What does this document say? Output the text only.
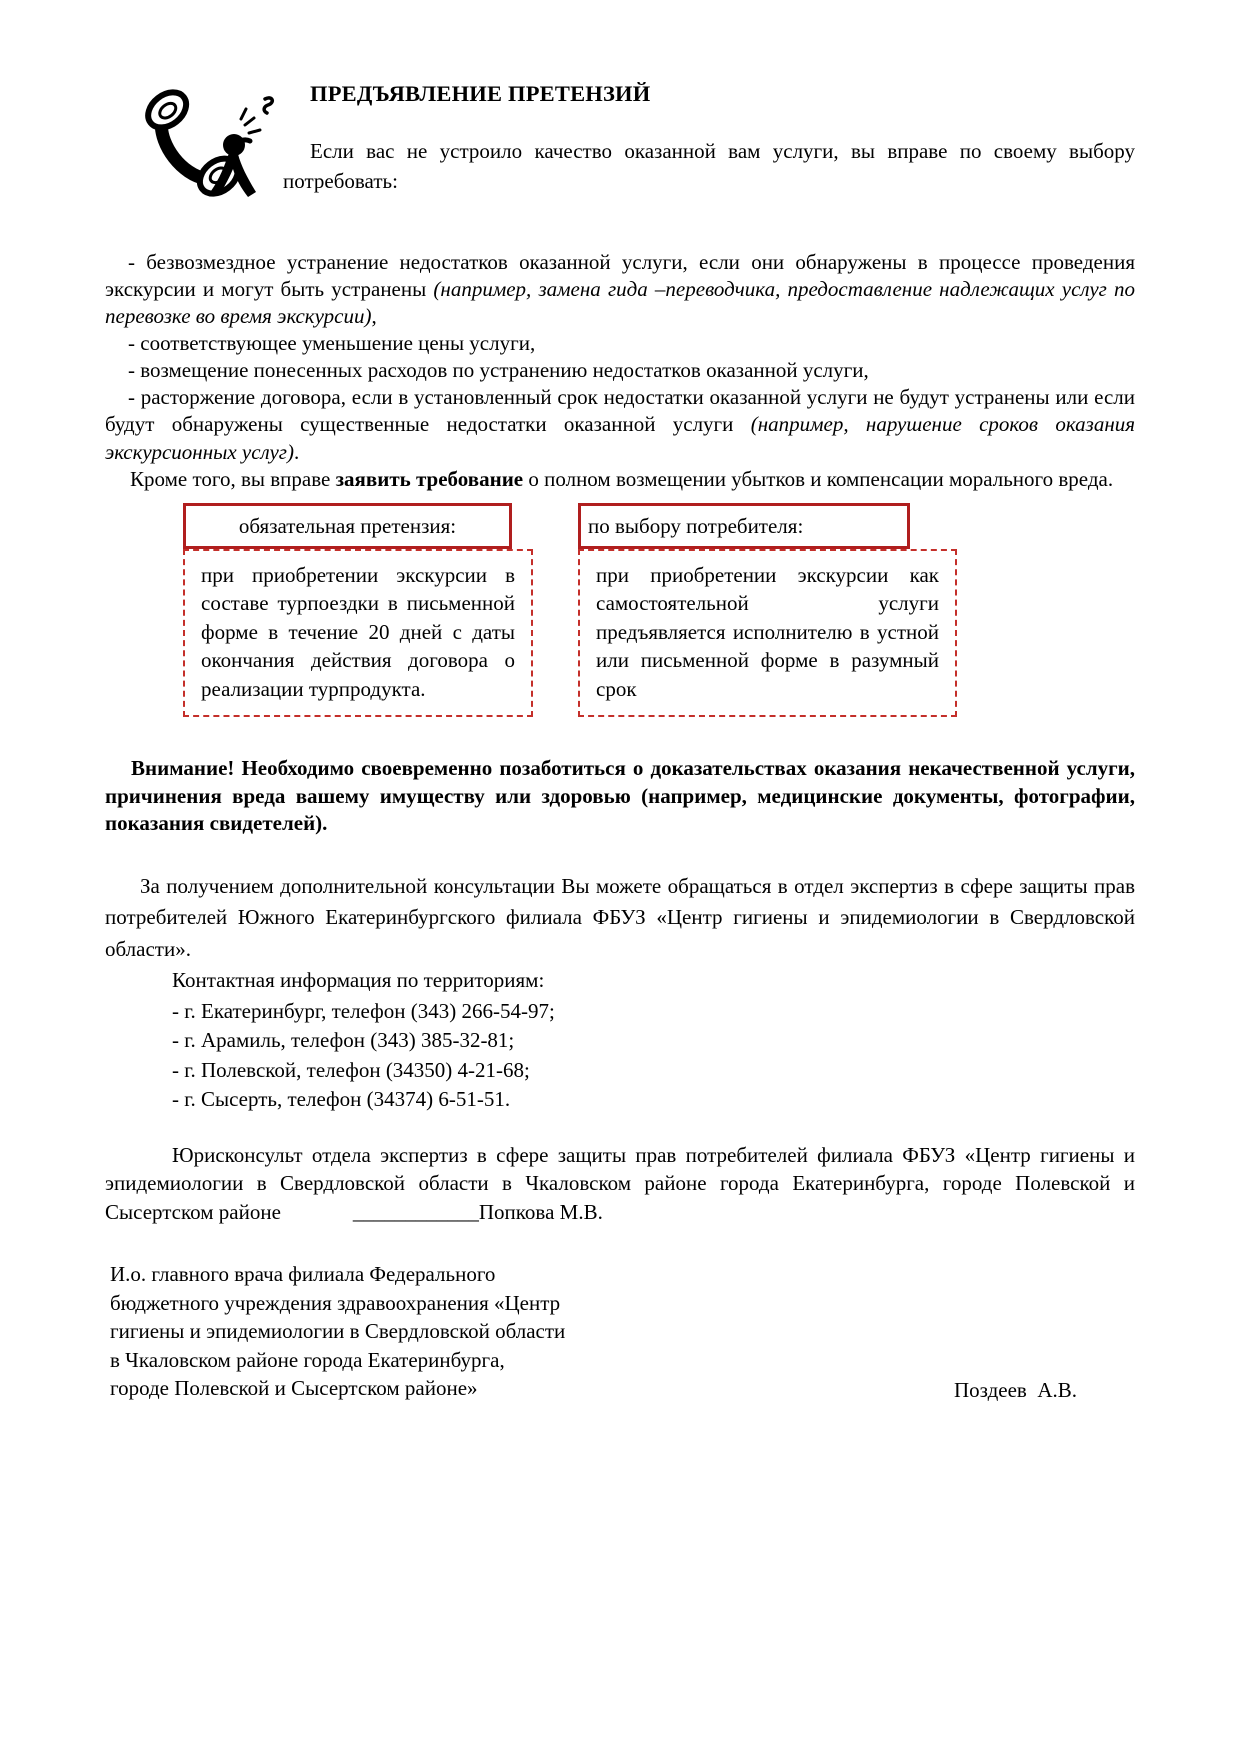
ПРЕДЪЯВЛЕНИЕ ПРЕТЕНЗИЙ

Если вас не устроило качество оказанной вам услуги, вы вправе по своему выбору потребовать:

- безвозмездное устранение недостатков оказанной услуги, если они обнаружены в процессе проведения экскурсии и могут быть устранены (например, замена гида –переводчика, предоставление надлежащих услуг по перевозке во время экскурсии),

- соответствующее уменьшение цены услуги,

- возмещение понесенных расходов по устранению недостатков оказанной услуги,

- расторжение договора, если в установленный срок недостатки оказанной услуги не будут устранены или если будут обнаружены существенные недостатки оказанной услуги (например, нарушение сроков оказания экскурсионных услуг).

Кроме того, вы вправе заявить требование о полном возмещении убытков и компенсации морального вреда.

обязательная претензия:
при приобретении экскурсии в составе турпоездки в письменной форме в течение 20 дней с даты окончания действия договора о реализации турпродукта.
по выбору потребителя:
при приобретении экскурсии как самостоятельной услуги предъявляется исполнителю в устной или письменной форме в разумный срок

Внимание! Необходимо своевременно позаботиться о доказательствах оказания некачественной услуги, причинения вреда вашему имуществу или здоровью (например, медицинские документы, фотографии, показания свидетелей).

За получением дополнительной консультации Вы можете обращаться в отдел экспертиз в сфере защиты прав потребителей Южного Екатеринбургского филиала ФБУЗ «Центр гигиены и эпидемиологии в Свердловской области».

Контактная информация по территориям:

- г. Екатеринбург, телефон (343) 266-54-97;
- г. Арамиль, телефон (343) 385-32-81;
- г. Полевской, телефон (34350) 4-21-68;
- г. Сысерть, телефон (34374) 6-51-51.

Юрисконсульт отдела экспертиз в сфере защиты прав потребителей филиала ФБУЗ «Центр гигиены и эпидемиологии в Свердловской области в Чкаловском районе города Екатеринбурга, городе Полевской и Сысертском районе	____________Попкова М.В.

И.о. главного врача филиала Федерального
бюджетного учреждения здравоохранения «Центр
гигиены и эпидемиологии в Свердловской области
в Чкаловском районе города Екатеринбурга,
городе Полевской и Сысертском районе»	Поздеев  А.В.
